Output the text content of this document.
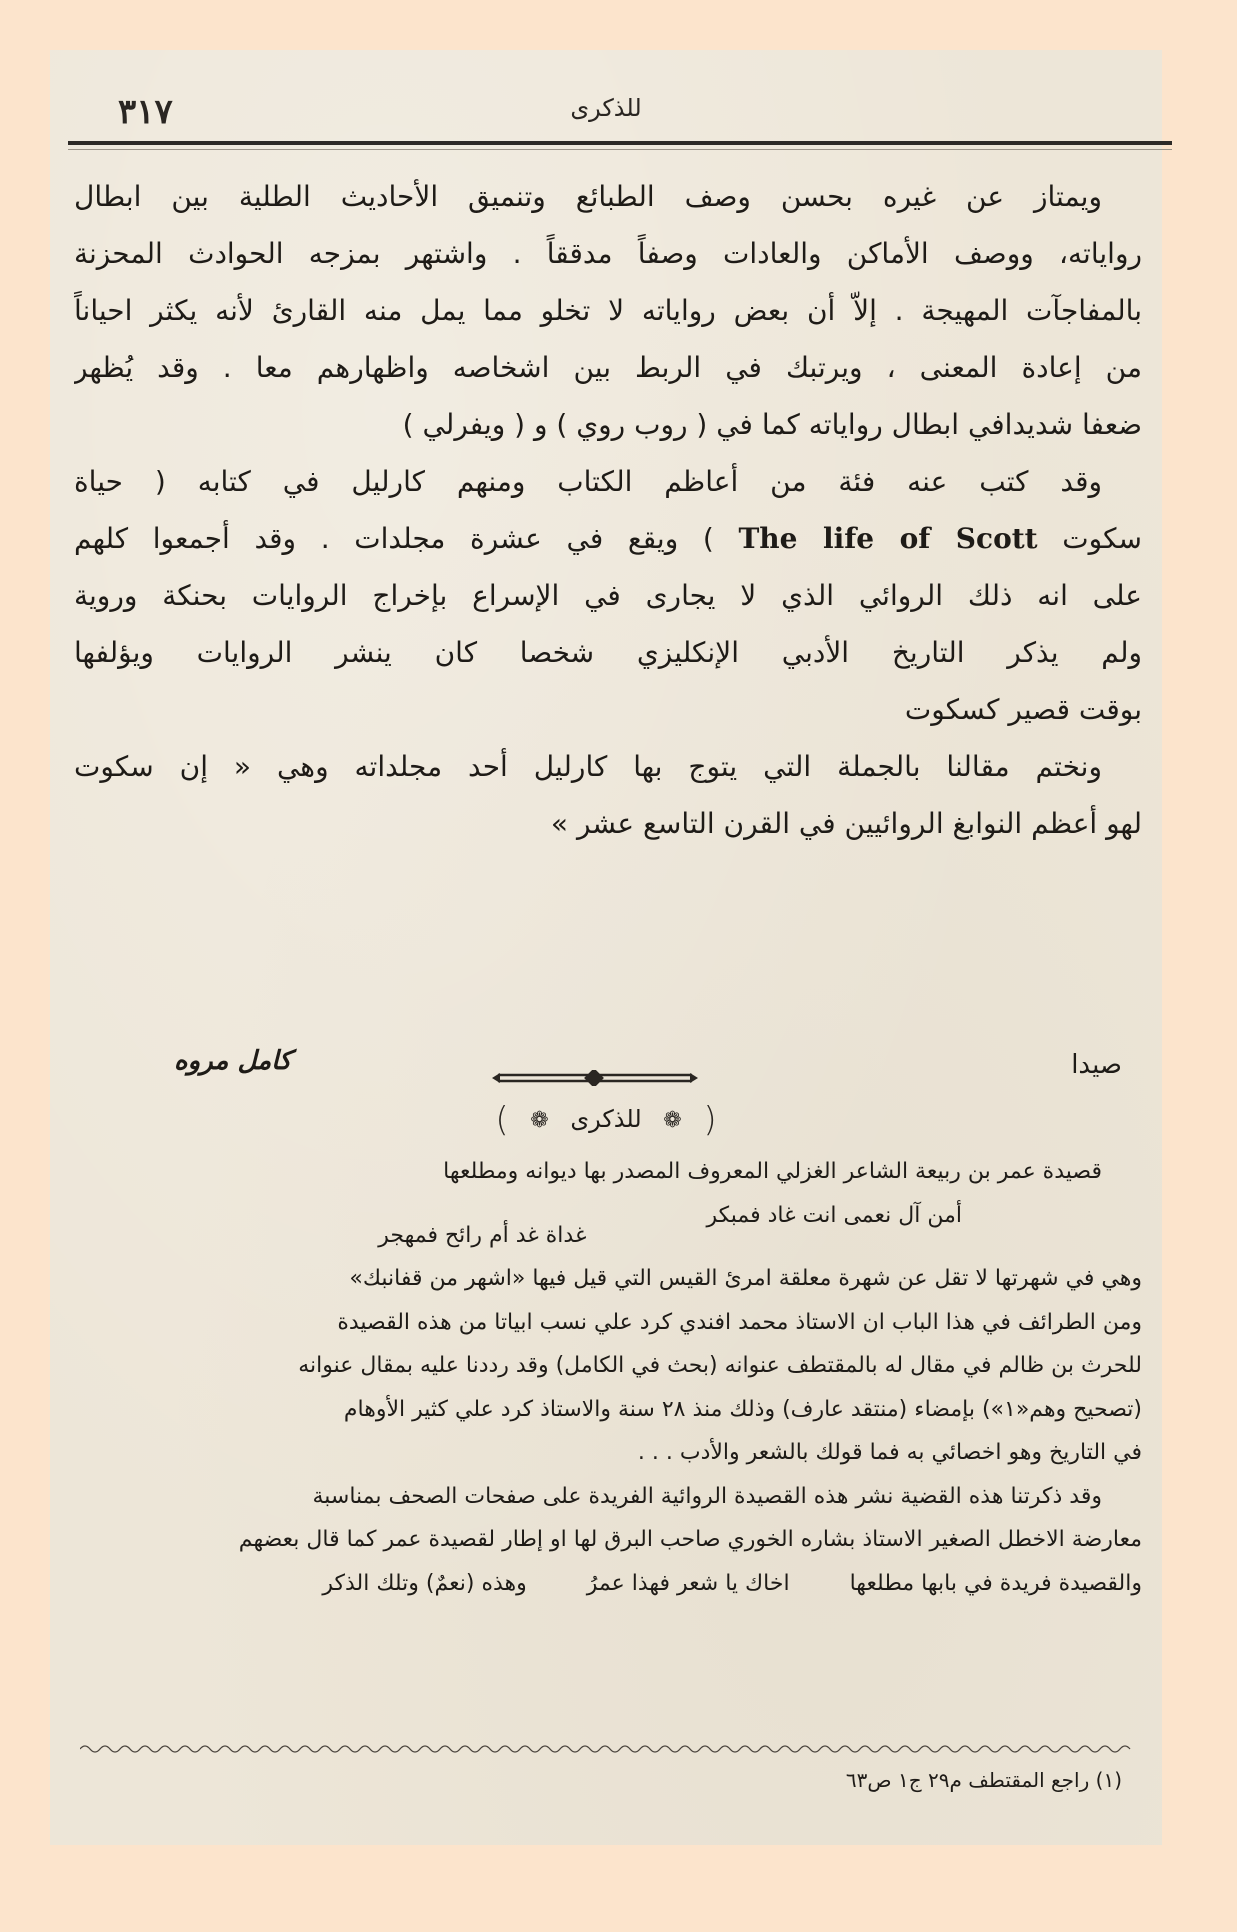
٣١٧	للذكرى
ويمتاز عن غيره بحسن وصف الطبائع وتنميق الأحاديث الطلية بين ابطال
رواياته، ووصف الأماكن والعادات وصفاً مدققاً . واشتهر بمزجه الحوادث المحزنة
بالمفاجآت المهيجة . إلاّ أن بعض رواياته لا تخلو مما يمل منه القارئ لأنه يكثر احياناً
من إعادة المعنى ، ويرتبك في الربط بين اشخاصه واظهارهم معا . وقد يُظهر
ضعفا شديدافي ابطال رواياته كما في ( روب روي ) و ( ويفرلي )
وقد كتب عنه فئة من أعاظم الكتاب ومنهم كارليل في كتابه ( حياة
سكوت The life of Scott ) ويقع في عشرة مجلدات . وقد أجمعوا كلهم
على انه ذلك الروائي الذي لا يجارى في الإسراع بإخراج الروايات بحنكة وروية
ولم يذكر التاريخ الأدبي الإنكليزي شخصا كان ينشر الروايات ويؤلفها
بوقت قصير كسكوت
ونختم مقالنا بالجملة التي يتوج بها كارليل أحد مجلداته وهي « إن سكوت
لهو أعظم النوابغ الروائيين في القرن التاسع عشر »
صيدا
كامل مروه
( ❁ للذكرى ❁ )
قصيدة عمر بن ربيعة الشاعر الغزلي المعروف المصدر بها ديوانه ومطلعها
أمن آل نعمى انت غاد فمبكر
غداة غد أم رائح فمهجر
وهي في شهرتها لا تقل عن شهرة معلقة امرئ القيس التي قيل فيها «اشهر من قفانبك»
ومن الطرائف في هذا الباب ان الاستاذ محمد افندي كرد علي نسب ابياتا من هذه القصيدة
للحرث بن ظالم في مقال له بالمقتطف عنوانه (بحث في الكامل) وقد رددنا عليه بمقال عنوانه
(تصحيح وهم«١») بإمضاء (منتقد عارف) وذلك منذ ٢٨ سنة والاستاذ كرد علي كثير الأوهام
في التاريخ وهو اخصائي به فما قولك بالشعر والأدب . . .
وقد ذكرتنا هذه القضية نشر هذه القصيدة الروائية الفريدة على صفحات الصحف بمناسبة
معارضة الاخطل الصغير الاستاذ بشاره الخوري صاحب البرق لها او إطار لقصيدة عمر كما قال بعضهم
والقصيدة فريدة في بابها مطلعها
اخاك يا شعر فهذا عمرُ
وهذه (نعمٌ) وتلك الذكر
(١) راجع المقتطف م٢٩ ج١ ص٦٣
